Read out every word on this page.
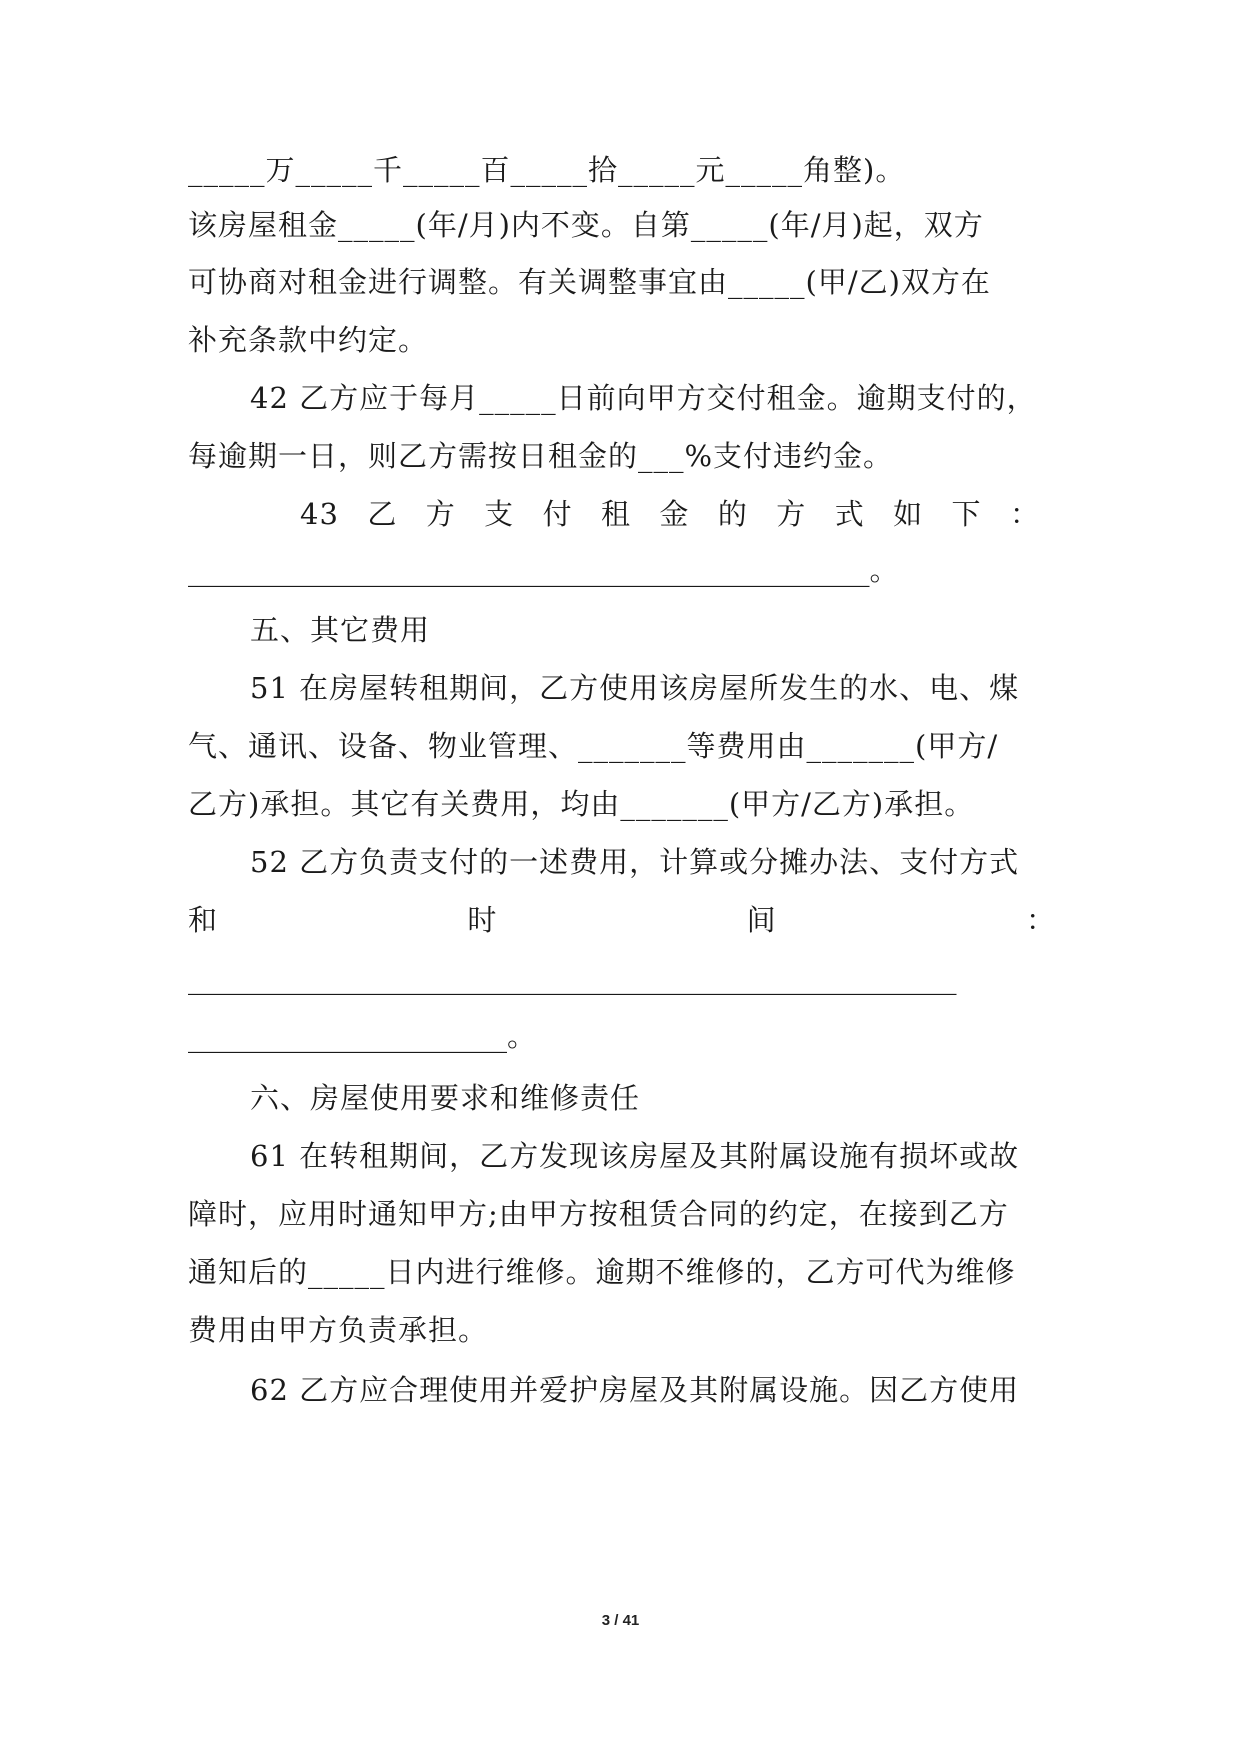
_____万_____千_____百_____拾_____元_____角整)。
该房屋租金_____(年/月)内不变。自第_____(年/月)起，双方
可协商对租金进行调整。有关调整事宜由_____(甲/乙)双方在
补充条款中约定。
42 乙方应于每月_____日前向甲方交付租金。逾期支付的，
每逾期一日，则乙方需按日租金的___%支付违约金。
43 乙 方 支 付 租 金 的 方 式 如 下 ：
_______________________________________________。
五、其它费用
51 在房屋转租期间，乙方使用该房屋所发生的水、电、煤
气、通讯、设备、物业管理、_______等费用由_______(甲方/
乙方)承担。其它有关费用，均由_______(甲方/乙方)承担。
52 乙方负责支付的一述费用，计算或分摊办法、支付方式
和	时	间	：
_____________________________________________________
______________________。
六、房屋使用要求和维修责任
61 在转租期间，乙方发现该房屋及其附属设施有损坏或故
障时，应用时通知甲方;由甲方按租赁合同的约定，在接到乙方
通知后的_____日内进行维修。逾期不维修的，乙方可代为维修
费用由甲方负责承担。
62 乙方应合理使用并爱护房屋及其附属设施。因乙方使用
3 / 41
